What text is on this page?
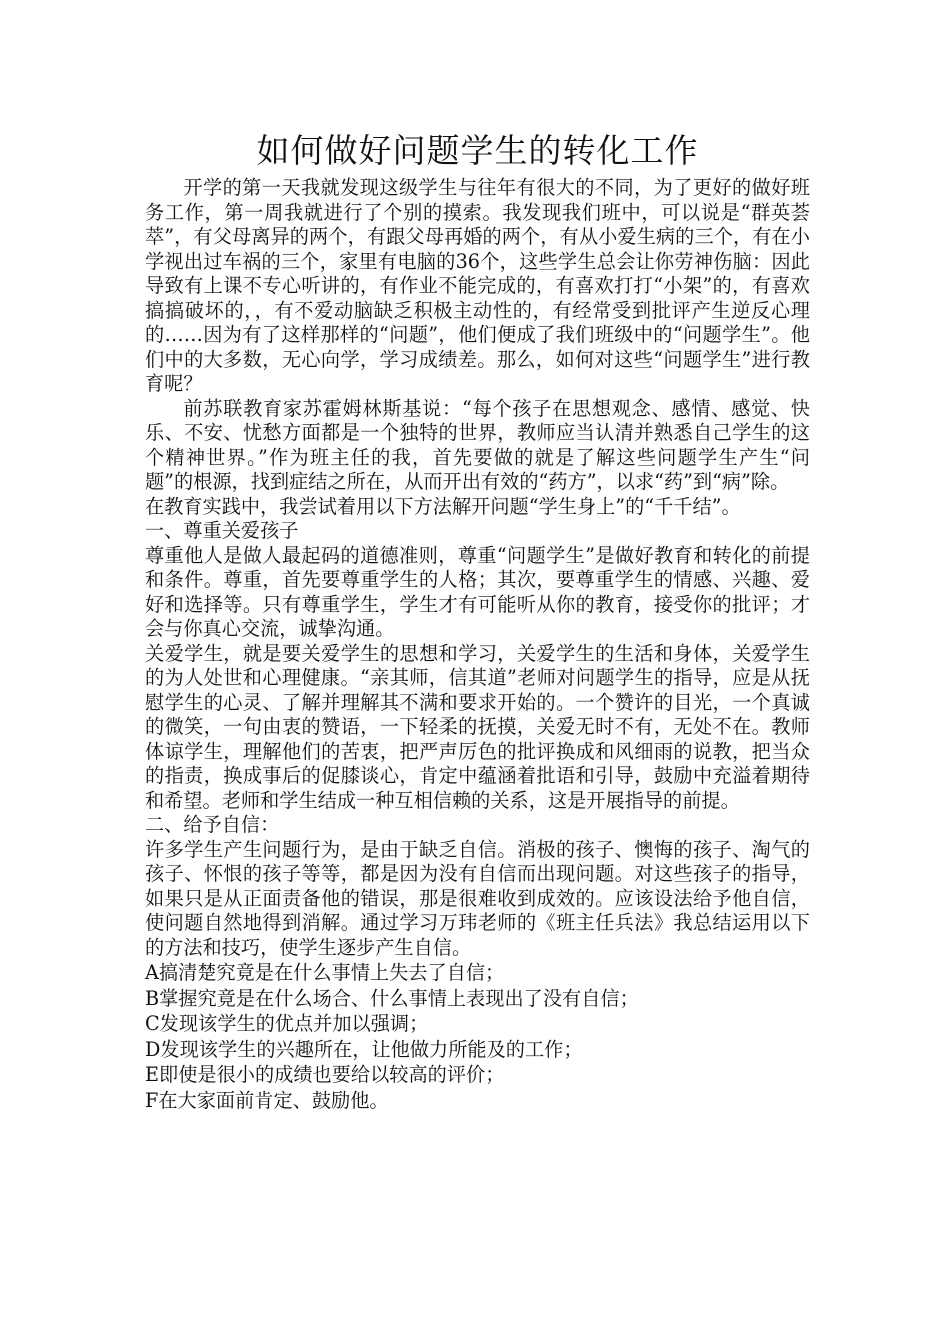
如何做好问题学生的转化工作

开学的第一天我就发现这级学生与往年有很大的不同，为了更好的做好班务工作，第一周我就进行了个别的摸索。我发现我们班中，可以说是“群英荟萃”，有父母离异的两个，有跟父母再婚的两个，有从小爱生病的三个，有在小学视出过车祸的三个，家里有电脑的36个，这些学生总会让你劳神伤脑：因此导致有上课不专心听讲的，有作业不能完成的，有喜欢打打“小架”的，有喜欢搞搞破坏的，，有不爱动脑缺乏积极主动性的，有经常受到批评产生逆反心理的……因为有了这样那样的“问题”，他们便成了我们班级中的“问题学生”。他们中的大多数，无心向学，学习成绩差。那么，如何对这些“问题学生”进行教育呢？

前苏联教育家苏霍姆林斯基说：“每个孩子在思想观念、感情、感觉、快乐、不安、忧愁方面都是一个独特的世界，教师应当认清并熟悉自己学生的这个精神世界。”作为班主任的我，首先要做的就是了解这些问题学生产生“问题”的根源，找到症结之所在，从而开出有效的“药方”，以求“药”到“病”除。

在教育实践中，我尝试着用以下方法解开问题“学生身上”的“千千结”。

一、尊重关爱孩子

尊重他人是做人最起码的道德准则，尊重“问题学生”是做好教育和转化的前提和条件。尊重，首先要尊重学生的人格；其次，要尊重学生的情感、兴趣、爱好和选择等。只有尊重学生，学生才有可能听从你的教育，接受你的批评；才会与你真心交流，诚挚沟通。

关爱学生，就是要关爱学生的思想和学习，关爱学生的生活和身体，关爱学生的为人处世和心理健康。“亲其师，信其道”老师对问题学生的指导，应是从抚慰学生的心灵、了解并理解其不满和要求开始的。一个赞许的目光，一个真诚的微笑，一句由衷的赞语，一下轻柔的抚摸，关爱无时不有，无处不在。教师体谅学生，理解他们的苦衷，把严声厉色的批评换成和风细雨的说教，把当众的指责，换成事后的促膝谈心，肯定中蕴涵着批语和引导，鼓励中充溢着期待和希望。老师和学生结成一种互相信赖的关系，这是开展指导的前提。

二、给予自信：

许多学生产生问题行为，是由于缺乏自信。消极的孩子、懊悔的孩子、淘气的孩子、怀恨的孩子等等，都是因为没有自信而出现问题。对这些孩子的指导，如果只是从正面责备他的错误，那是很难收到成效的。应该设法给予他自信，使问题自然地得到消解。通过学习万玮老师的《班主任兵法》我总结运用以下的方法和技巧，使学生逐步产生自信。

A搞清楚究竟是在什么事情上失去了自信；

B掌握究竟是在什么场合、什么事情上表现出了没有自信；

C发现该学生的优点并加以强调；

D发现该学生的兴趣所在，让他做力所能及的工作；

E即使是很小的成绩也要给以较高的评价；

F在大家面前肯定、鼓励他。
